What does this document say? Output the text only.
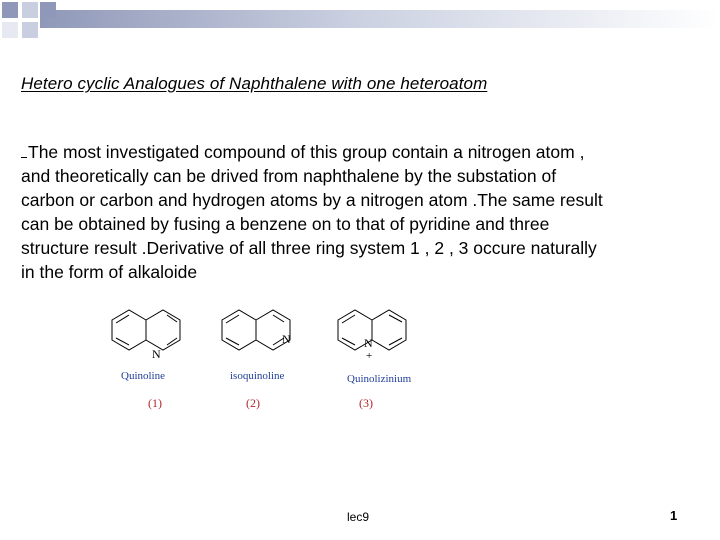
Hetero cyclic Analogues of Naphthalene with one heteroatom

The most investigated compound of this group contain a nitrogen atom ,

and theoretically can be drived from naphthalene by the substation of

carbon or carbon and hydrogen atoms by a nitrogen atom .The same result

can be obtained by fusing a benzene on to that of pyridine and three

structure result .Derivative of all three ring system 1 , 2 , 3 occure naturally

in the form of alkaloide

N
Quinoline
(1)
N
isoquinoline
(2)
N
+
Quinolizinium
(3)
lec9	1
